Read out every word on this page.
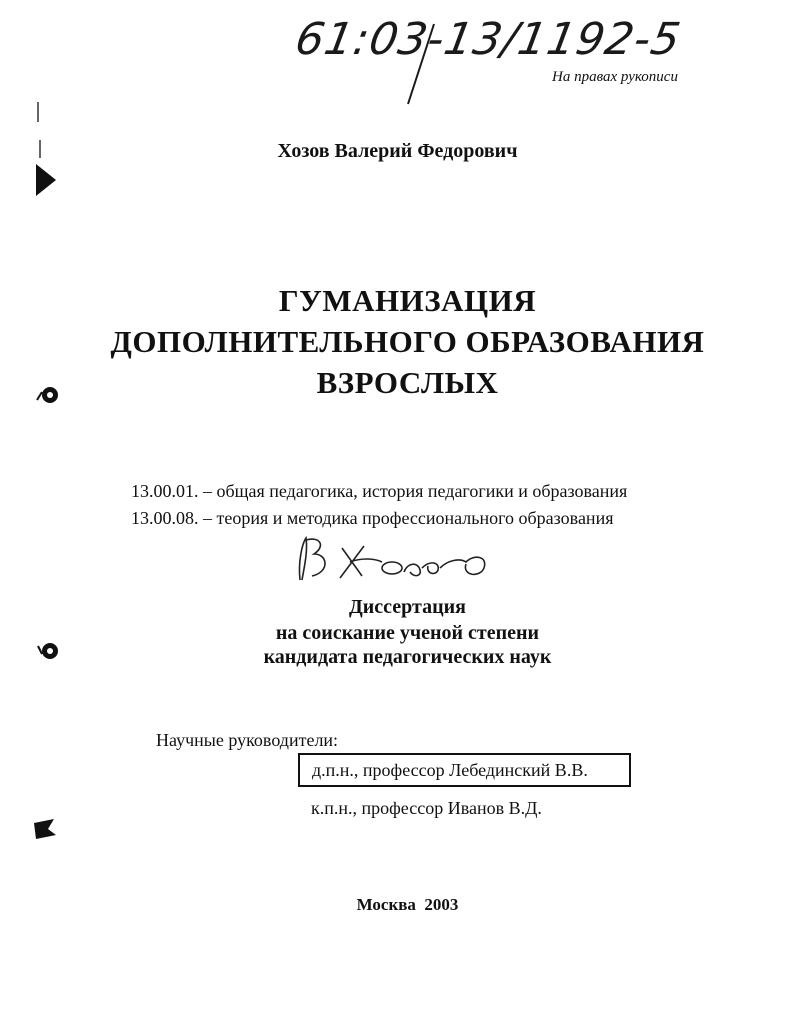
61:03-13/1192-5
На правах рукописи
Хозов Валерий Федорович
ГУМАНИЗАЦИЯ
ДОПОЛНИТЕЛЬНОГО ОБРАЗОВАНИЯ
ВЗРОСЛЫХ
13.00.01. – общая педагогика, история педагогики и образования
13.00.08. – теория и методика профессионального образования
Диссертация
на соискание ученой степени
кандидата педагогических наук
Научные руководители:
д.п.н., профессор Лебединский В.В.
к.п.н., профессор Иванов В.Д.
Москва 2003
